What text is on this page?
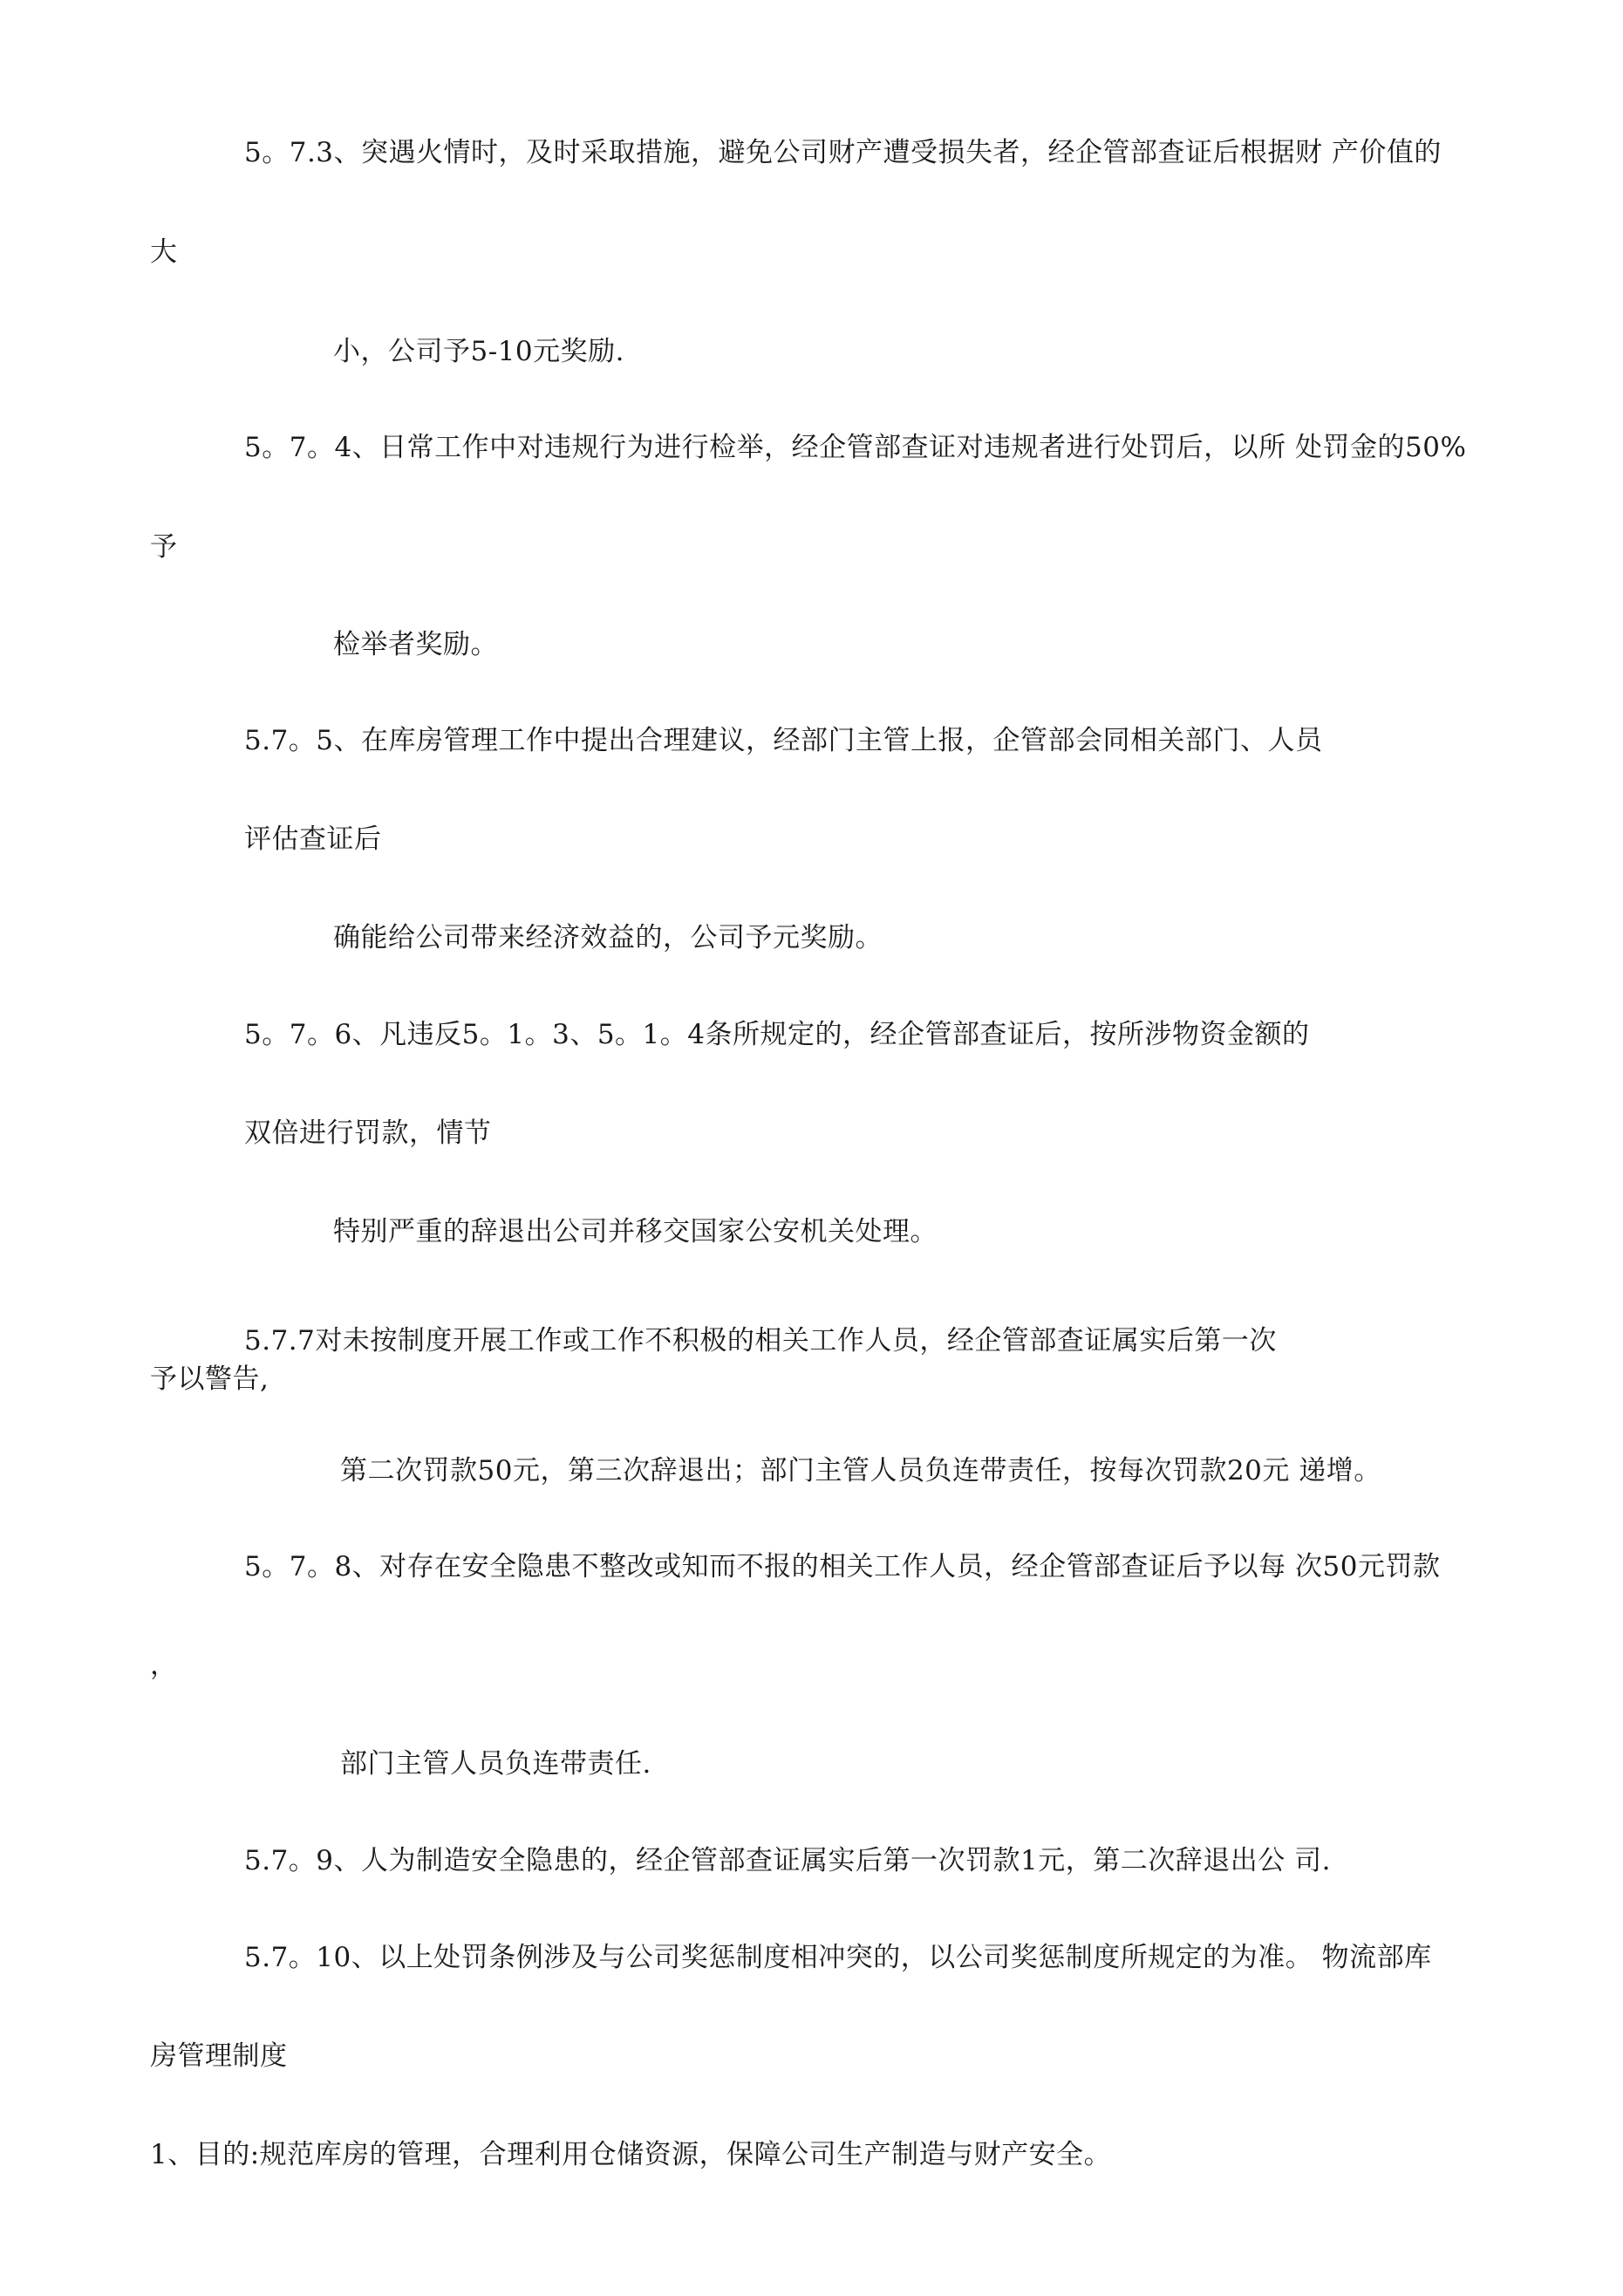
5。7.3、突遇火情时，及时采取措施，避免公司财产遭受损失者，经企管部查证后根据财 产价值的
大
小，公司予5-10元奖励.
5。7。4、日常工作中对违规行为进行检举，经企管部查证对违规者进行处罚后，以所 处罚金的50%
予
检举者奖励。
5.7。5、在库房管理工作中提出合理建议，经部门主管上报，企管部会同相关部门、人员
评估查证后
确能给公司带来经济效益的，公司予元奖励。
5。7。6、凡违反5。1。3、5。1。4条所规定的，经企管部查证后，按所涉物资金额的
双倍进行罚款，情节
特别严重的辞退出公司并移交国家公安机关处理。
5.7.7对未按制度开展工作或工作不积极的相关工作人员，经企管部查证属实后第一次
予以警告,
第二次罚款50元，第三次辞退出；部门主管人员负连带责任，按每次罚款20元 递增。
5。7。8、对存在安全隐患不整改或知而不报的相关工作人员，经企管部查证后予以每 次50元罚款
，
部门主管人员负连带责任.
5.7。9、人为制造安全隐患的，经企管部查证属实后第一次罚款1元，第二次辞退出公 司.
5.7。10、以上处罚条例涉及与公司奖惩制度相冲突的，以公司奖惩制度所规定的为准。 物流部库
房管理制度
1、目的:规范库房的管理，合理利用仓储资源，保障公司生产制造与财产安全。
